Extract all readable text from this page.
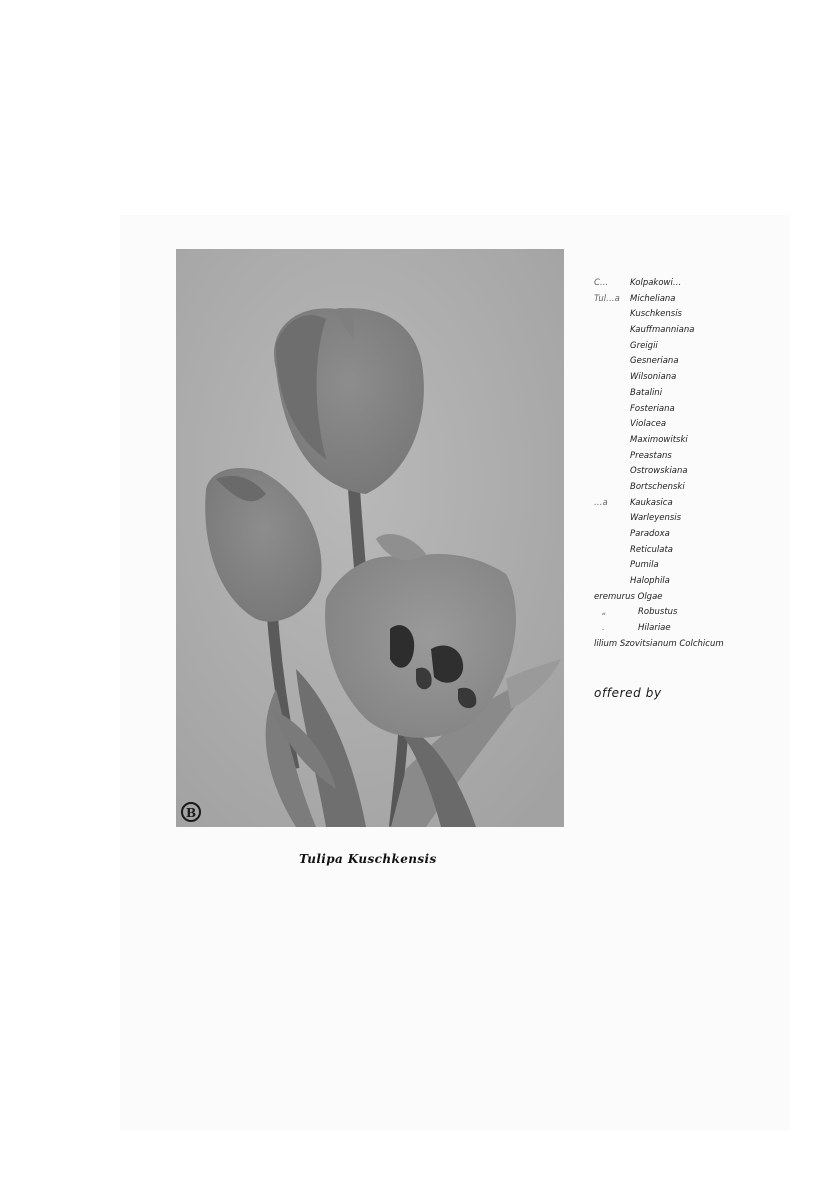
B
Tulipa Kuschkensis
C…	Kolpakowi…
Tul…a Micheliana
Kuschkensis
Kauffmanniana
Greigii
Gesneriana
Wilsoniana
Batalini
Fosteriana
Violacea
Maximowitski
Preastans
Ostrowskiana
Bortschenski
…a	Kaukasica
Warleyensis
Paradoxa
Reticulata
Pumila
Halophila
eremurus Olgae
„	Robustus
.	Hilariae
lilium Szovitsianum Colchicum
offered by
